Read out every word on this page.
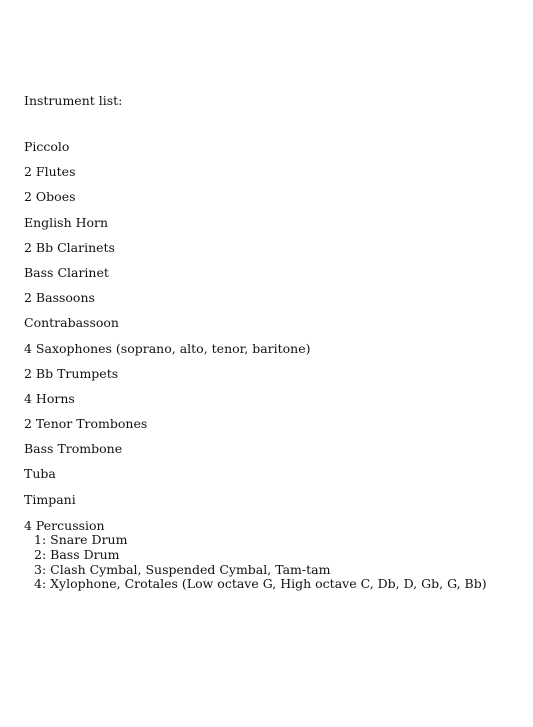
Instrument list:
Piccolo
2 Flutes
2 Oboes
English Horn
2 Bb Clarinets
Bass Clarinet
2 Bassoons
Contrabassoon
4 Saxophones (soprano, alto, tenor, baritone)
2 Bb Trumpets
4 Horns
2 Tenor Trombones
Bass Trombone
Tuba
Timpani
4 Percussion
1: Snare Drum
2: Bass Drum
3: Clash Cymbal, Suspended Cymbal, Tam-tam
4: Xylophone, Crotales (Low octave G, High octave C, Db, D, Gb, G, Bb)
